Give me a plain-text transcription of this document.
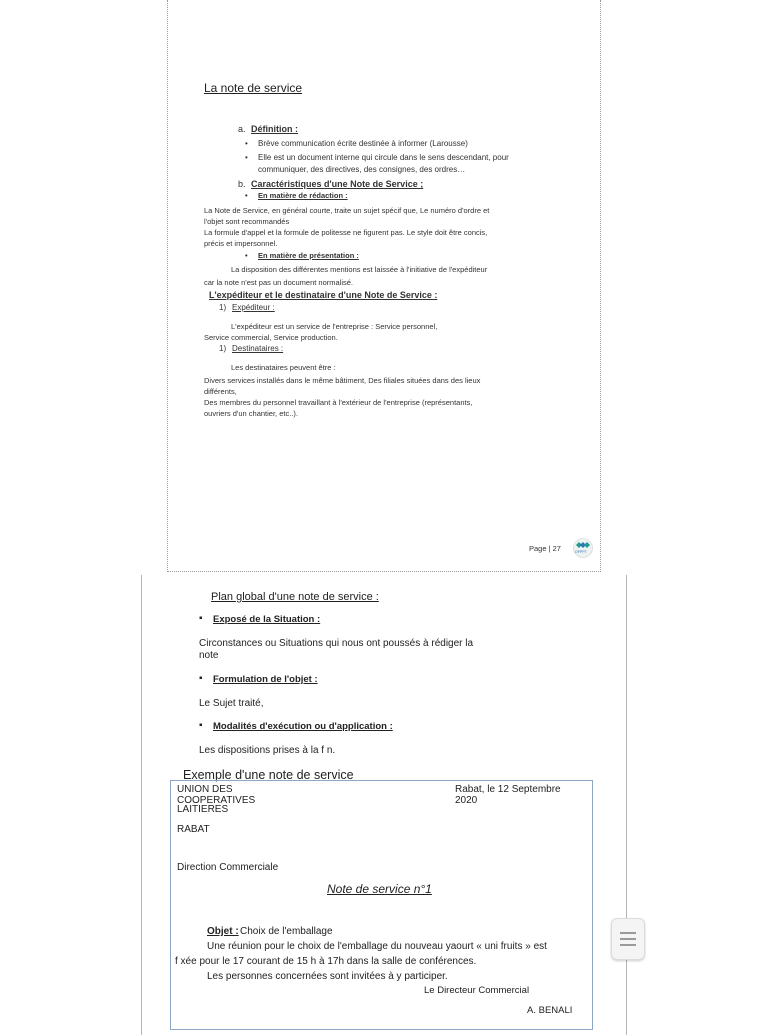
La note de service
a. Définition :
• Brève communication écrite destinée à informer (Larousse)
• Elle est un document interne qui circule dans le sens descendant, pour
communiquer, des directives, des consignes, des ordres…
b. Caractéristiques d'une Note de Service ;
• En matière de rédaction :
La Note de Service, en général courte, traite un sujet spécif que, Le numéro d'ordre et
l'objet sont recommandés
La formule d'appel et la formule de politesse ne figurent pas. Le style doit être concis,
précis et impersonnel.
• En matière de présentation :
La disposition des différentes mentions est laissée à l'initiative de l'expéditeur
car la note n'est pas un document normalisé.
L'expéditeur et le destinataire d'une Note de Service :
1) Expéditeur :
L'expéditeur est un service de l'entreprise : Service personnel,
Service commercial, Service production.
1) Destinataires :
Les destinataires peuvent être :
Divers services installés dans le même bâtiment, Des filiales situées dans des lieux
différents,
Des membres du personnel travaillant à l'extérieur de l'entreprise (représentants,
ouvriers d'un chantier, etc..).
Page | 27	OFPPT
Plan global d'une note de service :
▪ Exposé de la Situation :
Circonstances ou Situations qui nous ont poussés à rédiger la
note
▪ Formulation de l'objet :
Le Sujet traité,
▪ Modalités d'exécution ou d'application :
Les dispositions prises à la f n.
Exemple d'une note de service
UNION DES
COOPERATIVES
LAITIERES
RABAT
Rabat, le 12 Septembre
2020
Direction Commerciale
Note de service n°1
Objet : Choix de l'emballage
Une réunion pour le choix de l'emballage du nouveau yaourt « uni fruits » est
f xée pour le 17 courant de 15 h à 17h dans la salle de conférences.
Les personnes concernées sont invitées à y participer.
Le Directeur Commercial
A. BENALI
